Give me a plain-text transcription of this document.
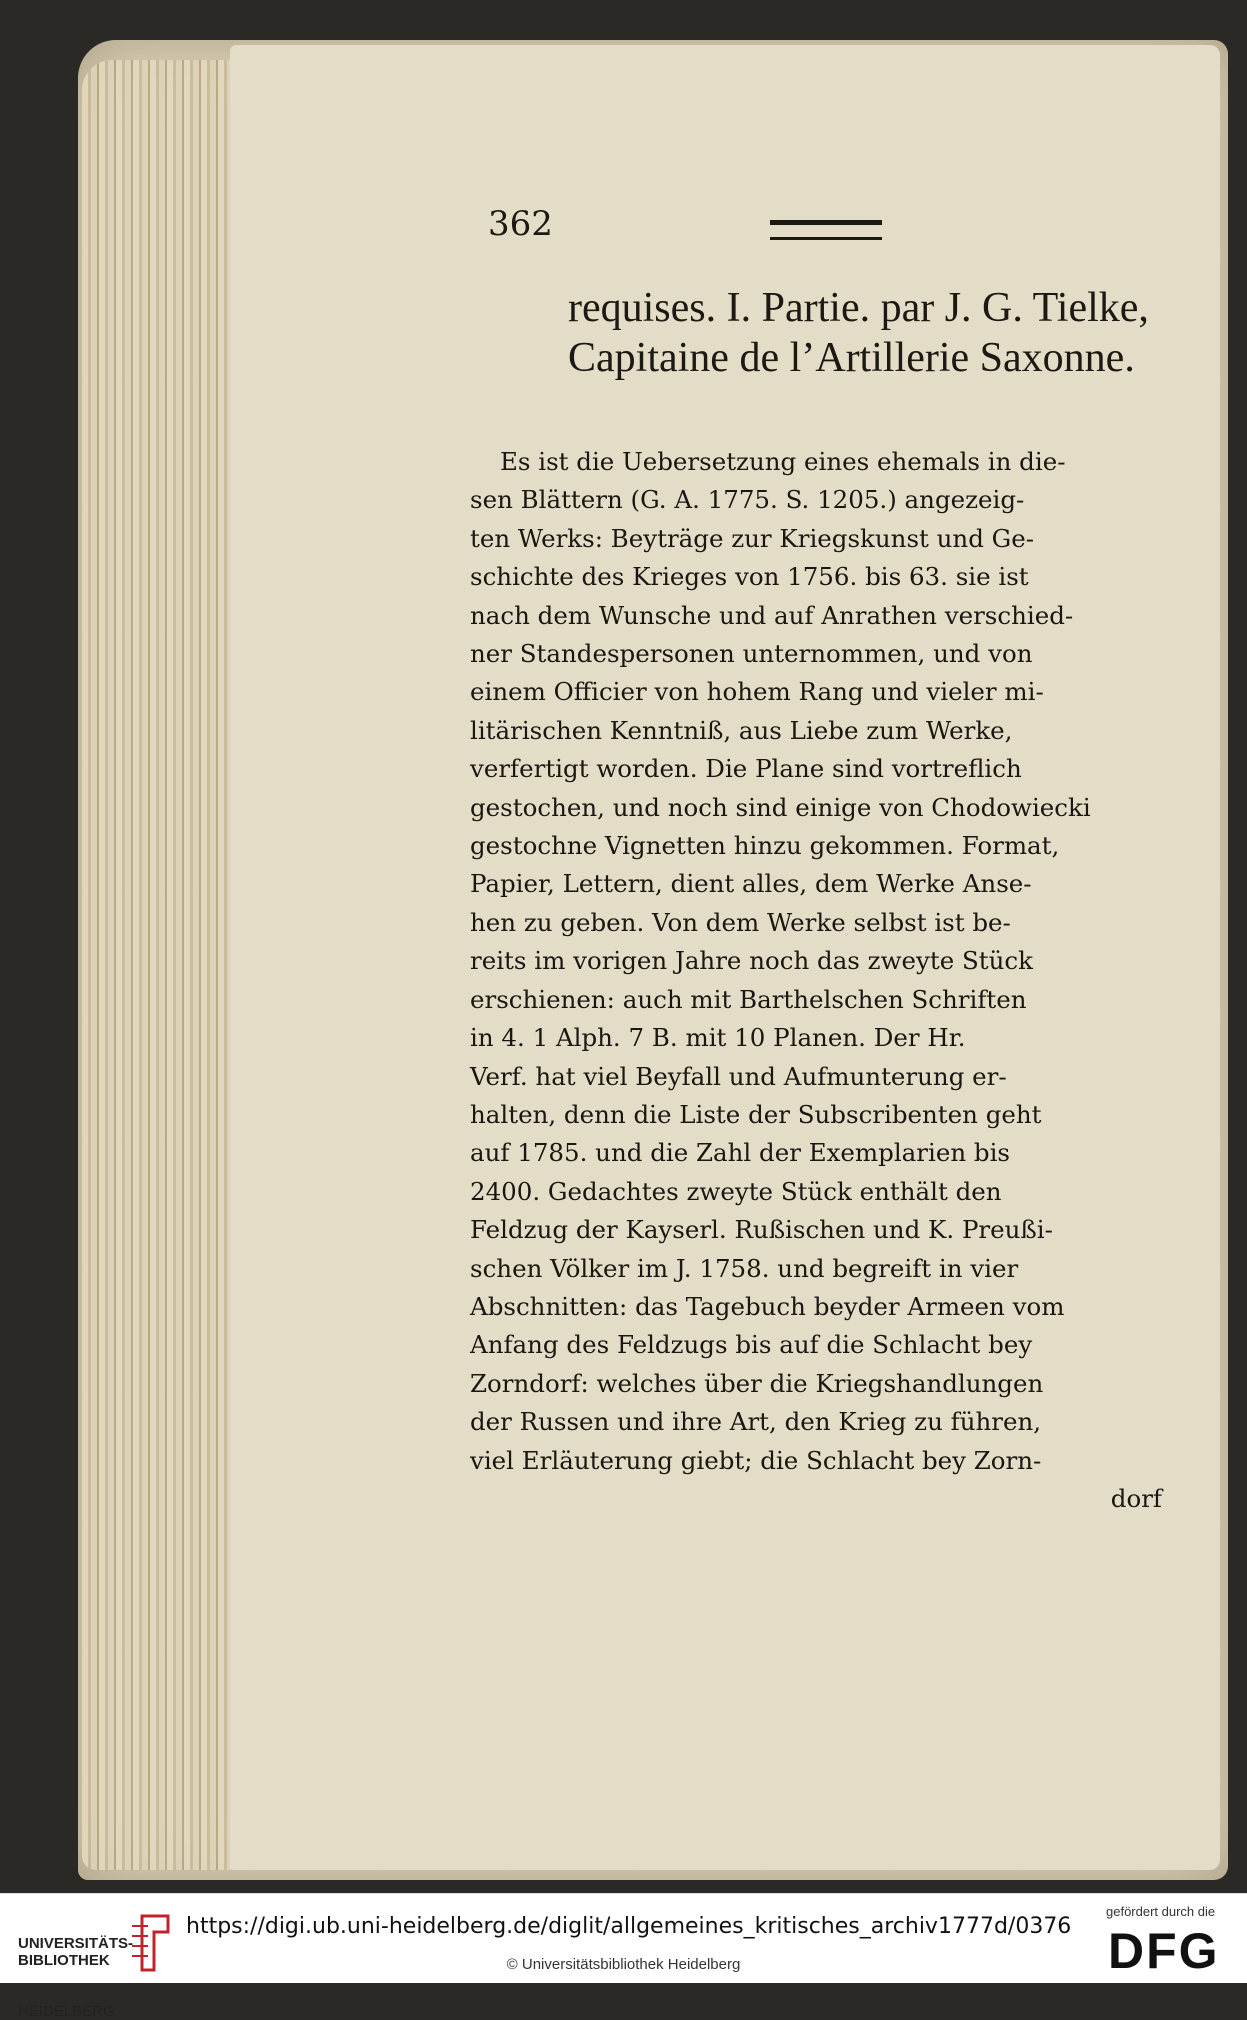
362

requises. I. Partie. par J. G. Tielke, Capitaine de l’Artillerie Saxonne.

Es ist die Uebersetzung eines ehemals in die-
sen Blättern (G. A. 1775. S. 1205.) angezeig-
ten Werks: Beyträge zur Kriegskunst und Ge-
schichte des Krieges von 1756. bis 63. sie ist
nach dem Wunsche und auf Anrathen verschied-
ner Standespersonen unternommen, und von
einem Officier von hohem Rang und vieler mi-
litärischen Kenntniß, aus Liebe zum Werke,
verfertigt worden. Die Plane sind vortreflich
gestochen, und noch sind einige von Chodowiecki
gestochne Vignetten hinzu gekommen. Format,
Papier, Lettern, dient alles, dem Werke Anse-
hen zu geben. Von dem Werke selbst ist be-
reits im vorigen Jahre noch das zweyte Stück
erschienen: auch mit Barthelschen Schriften
in 4. 1 Alph. 7 B. mit 10 Planen. Der Hr.
Verf. hat viel Beyfall und Aufmunterung er-
halten, denn die Liste der Subscribenten geht
auf 1785. und die Zahl der Exemplarien bis
2400. Gedachtes zweyte Stück enthält den
Feldzug der Kayserl. Rußischen und K. Preußi-
schen Völker im J. 1758. und begreift in vier
Abschnitten: das Tagebuch beyder Armeen vom
Anfang des Feldzugs bis auf die Schlacht bey
Zorndorf: welches über die Kriegshandlungen
der Russen und ihre Art, den Krieg zu führen,
viel Erläuterung giebt; die Schlacht bey Zorn-
dorf

UNIVERSITÄTS-
BIBLIOTHEK

HEIDELBERG

https://digi.ub.uni-heidelberg.de/diglit/allgemeines_kritisches_archiv1777d/0376
© Universitätsbibliothek Heidelberg
gefördert durch die
DFG
